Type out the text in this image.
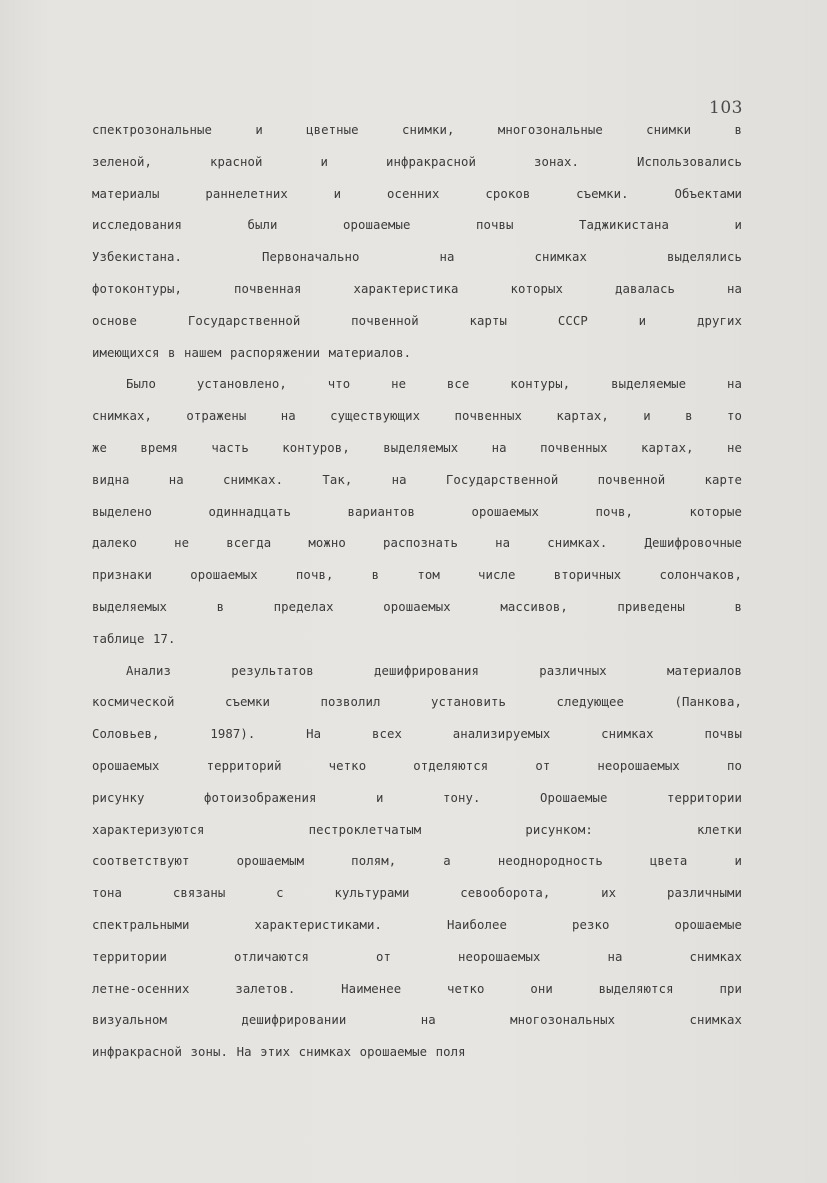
103
спектрозональные и цветные снимки, многозональные снимки в
зеленой, красной и инфракрасной зонах. Использовались
материалы раннелетних и осенних сроков съемки. Объектами
исследования были орошаемые почвы Таджикистана и
Узбекистана. Первоначально на снимках выделялись
фотоконтуры, почвенная характеристика которых давалась на
основе Государственной почвенной карты СССР и других
имеющихся в нашем распоряжении материалов.
Было установлено, что не все контуры, выделяемые на
снимках, отражены на существующих почвенных картах, и в то
же время часть контуров, выделяемых на почвенных картах, не
видна на снимках. Так, на Государственной почвенной карте
выделено одиннадцать вариантов орошаемых почв, которые
далеко не всегда можно распознать на снимках. Дешифровочные
признаки орошаемых почв, в том числе вторичных солончаков,
выделяемых в пределах орошаемых массивов, приведены в
таблице 17.
Анализ результатов дешифрирования различных материалов
космической съемки позволил установить следующее (Панкова,
Соловьев, 1987). На всех анализируемых снимках почвы
орошаемых территорий четко отделяются от неорошаемых по
рисунку фотоизображения и тону. Орошаемые территории
характеризуются пестроклетчатым рисунком: клетки
соответствуют орошаемым полям, а неоднородность цвета и
тона связаны с культурами севооборота, их различными
спектральными характеристиками. Наиболее резко орошаемые
территории отличаются от неорошаемых на снимках
летне-осенних залетов. Наименее четко они выделяются при
визуальном дешифрировании на многозональных снимках
инфракрасной зоны. На этих снимках орошаемые поля
